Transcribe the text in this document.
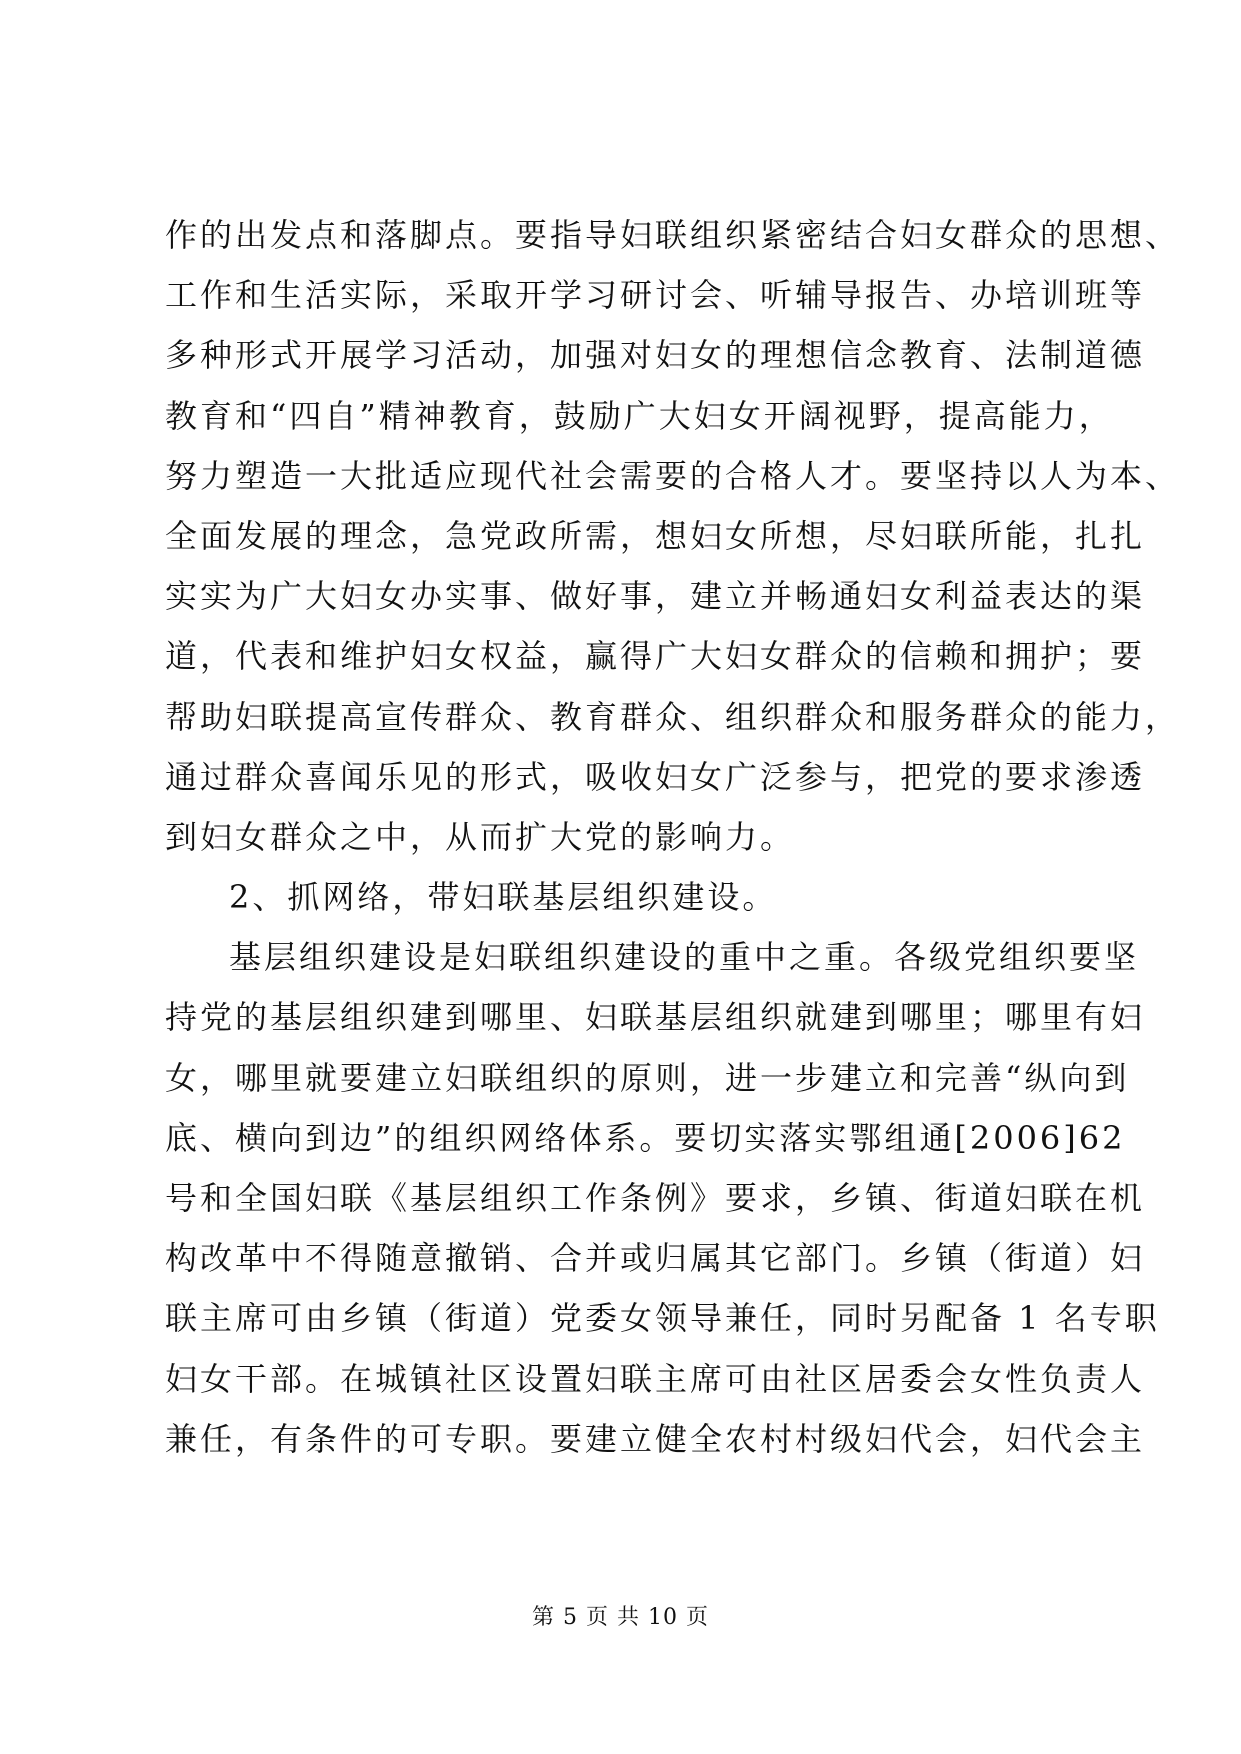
作的出发点和落脚点。要指导妇联组织紧密结合妇女群众的思想、
工作和生活实际，采取开学习研讨会、听辅导报告、办培训班等
多种形式开展学习活动，加强对妇女的理想信念教育、法制道德
教育和“四自”精神教育，鼓励广大妇女开阔视野，提高能力，
努力塑造一大批适应现代社会需要的合格人才。要坚持以人为本、
全面发展的理念，急党政所需，想妇女所想，尽妇联所能，扎扎
实实为广大妇女办实事、做好事，建立并畅通妇女利益表达的渠
道，代表和维护妇女权益，赢得广大妇女群众的信赖和拥护；要
帮助妇联提高宣传群众、教育群众、组织群众和服务群众的能力，
通过群众喜闻乐见的形式，吸收妇女广泛参与，把党的要求渗透
到妇女群众之中，从而扩大党的影响力。
2、抓网络，带妇联基层组织建设。
基层组织建设是妇联组织建设的重中之重。各级党组织要坚
持党的基层组织建到哪里、妇联基层组织就建到哪里；哪里有妇
女，哪里就要建立妇联组织的原则，进一步建立和完善“纵向到
底、横向到边”的组织网络体系。要切实落实鄂组通[2006]62
号和全国妇联《基层组织工作条例》要求，乡镇、街道妇联在机
构改革中不得随意撤销、合并或归属其它部门。乡镇（街道）妇
联主席可由乡镇（街道）党委女领导兼任，同时另配备 1 名专职
妇女干部。在城镇社区设置妇联主席可由社区居委会女性负责人
兼任，有条件的可专职。要建立健全农村村级妇代会，妇代会主
第 5 页 共 10 页
